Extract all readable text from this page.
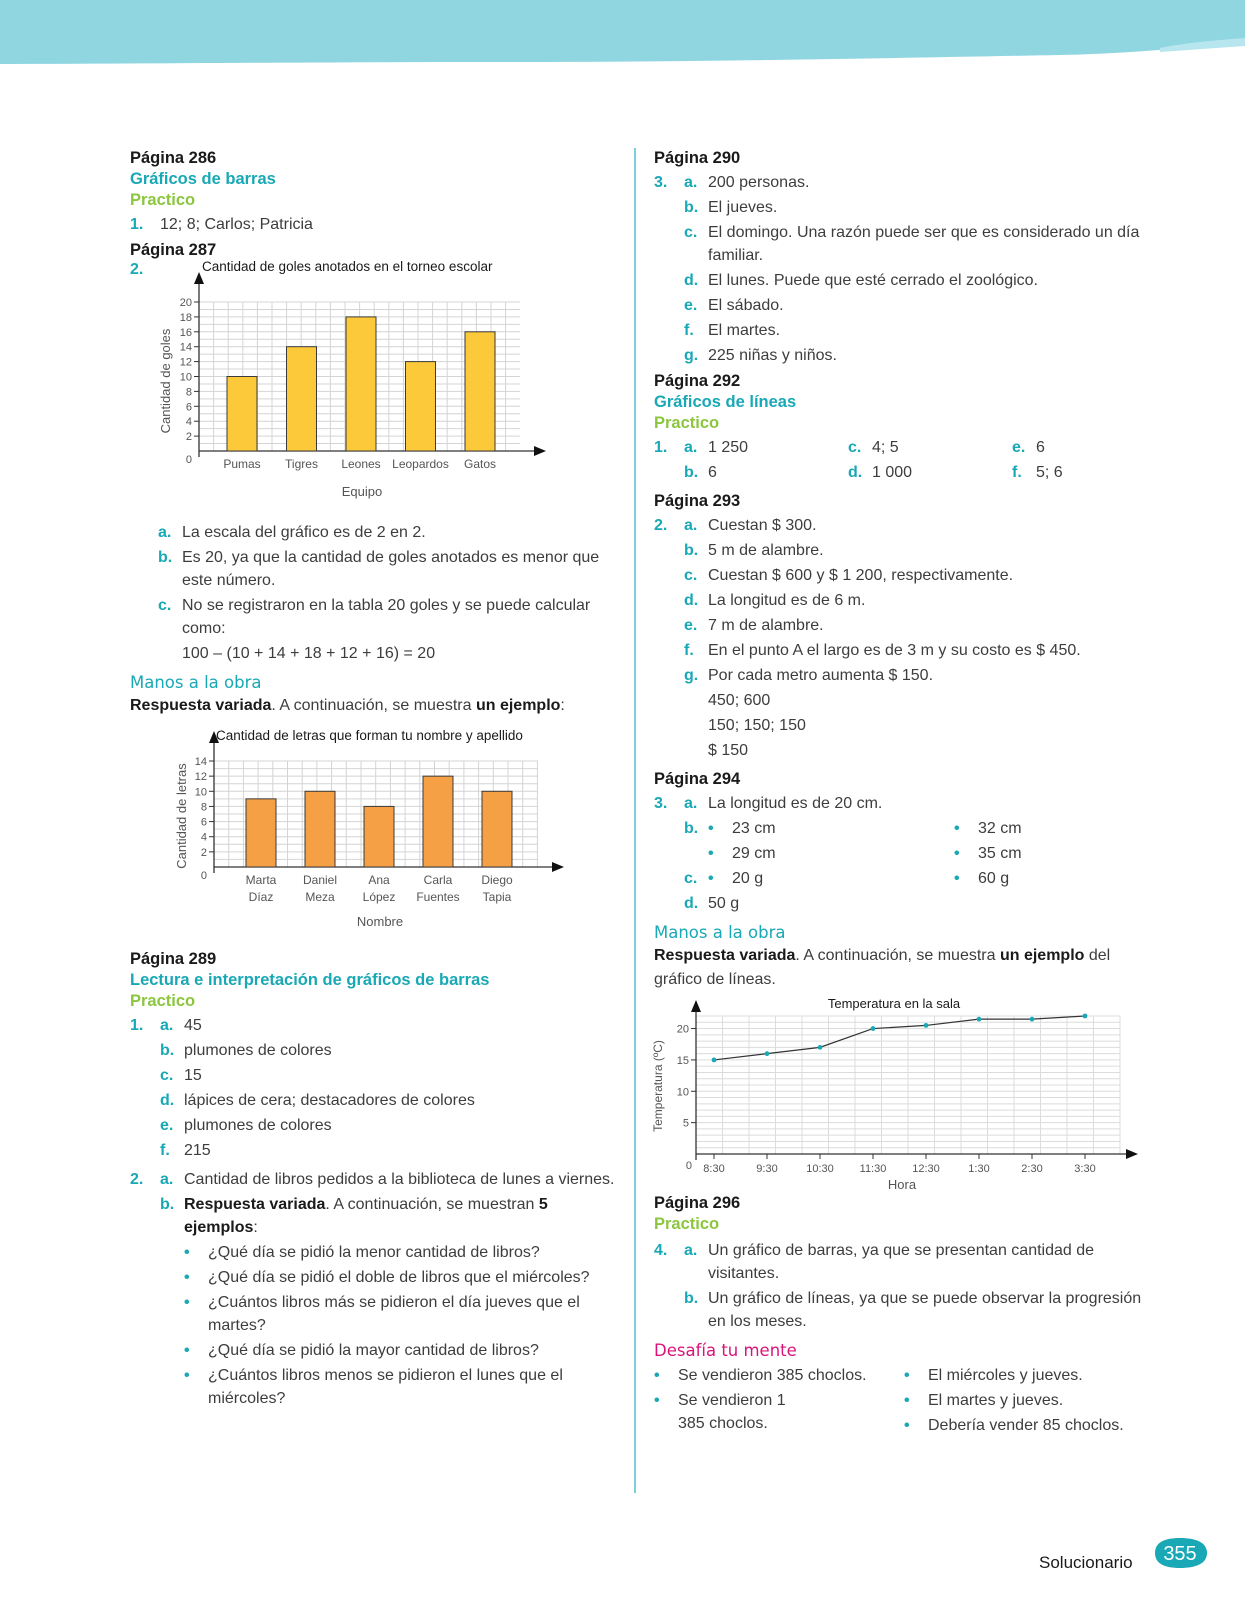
Página 286
Gráficos de barras
Practico
1.	12; 8; Carlos; Patricia
Página 287
2.
0
2
4
6
8
10
12
14
16
18
20
Pumas Tigres Leones Leopardos Gatos
Cantidad de goles anotados en el torneo escolar
Equipo
Cantidad de goles
a. La escala del gráfico es de 2 en 2.
b. Es 20, ya que la cantidad de goles anotados es menor que este número.
c. No se registraron en la tabla 20 goles y se puede calcular como:
100 – (10 + 14 + 18 + 12 + 16) = 20
Manos a la obra
Respuesta variada. A continuación, se muestra un ejemplo:
0
2
4
6
8
10
12
14
Marta
Díaz
Daniel
Meza
Ana
López
Carla
Fuentes
Diego
Tapia
Cantidad de letras que forman tu nombre y apellido
Nombre
Cantidad de letras
Página 289
Lectura e interpretación de gráficos de barras
Practico
1.	a. 45
b. plumones de colores
c. 15
d. lápices de cera; destacadores de colores
e. plumones de colores
f. 215
2.	a. Cantidad de libros pedidos a la biblioteca de lunes a viernes.
b. Respuesta variada. A continuación, se muestran 5 ejemplos:
•	¿Qué día se pidió la menor cantidad de libros?
•	¿Qué día se pidió el doble de libros que el miércoles?
•	¿Cuántos libros más se pidieron el día jueves que el martes?
•	¿Qué día se pidió la mayor cantidad de libros?
•	¿Cuántos libros menos se pidieron el lunes que el miércoles?
Página 290
3.	a. 200 personas.
b. El jueves.
c. El domingo. Una razón puede ser que es considerado un día familiar.
d. El lunes. Puede que esté cerrado el zoológico.
e. El sábado.
f. El martes.
g. 225 niñas y niños.
Página 292
Gráficos de líneas
Practico
1.	a. 1 250	c. 4; 5	e. 6
b. 6	d. 1 000	f. 5; 6
Página 293
2.	a. Cuestan $ 300.
b. 5 m de alambre.
c. Cuestan $ 600 y $ 1 200, respectivamente.
d. La longitud es de 6 m.
e. 7 m de alambre.
f. En el punto A el largo es de 3 m y su costo es $ 450.
g. Por cada metro aumenta $ 150.
450; 600
150; 150; 150
$ 150
Página 294
3.	a. La longitud es de 20 cm.
b. • 23 cm	• 32 cm
• 29 cm	• 35 cm
c. • 20 g	• 60 g
d. 50 g
Manos a la obra
Respuesta variada. A continuación, se muestra un ejemplo del gráfico de líneas.
0
5
10
15
20
8:30	9:30	10:30 11:30 12:30	1:30	2:30	3:30
Temperatura en la sala
Hora
Temperatura (ºC)
Página 296
Practico
4.	a. Un gráfico de barras, ya que se presentan cantidad de visitantes.
b. Un gráfico de líneas, ya que se puede observar la progresión en los meses.
Desafía tu mente
•	Se vendieron 385 choclos.
•	Se vendieron 1 385 choclos.
•	El miércoles y jueves.
•	El martes y jueves.
•	Debería vender 85 choclos.
Solucionario 355
